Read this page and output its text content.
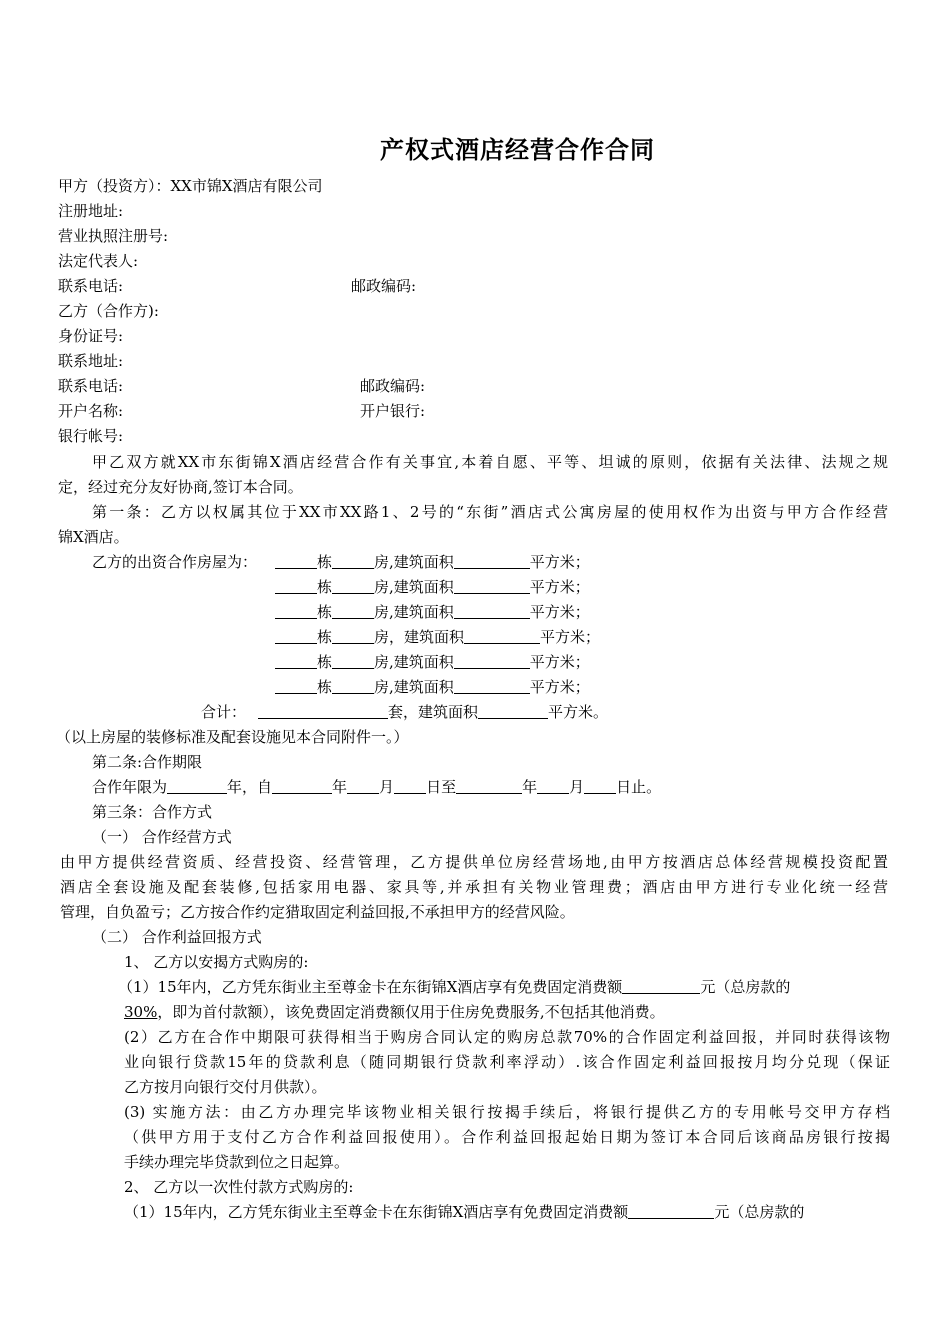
产权式酒店经营合作合同
甲方（投资方）：XX市锦X酒店有限公司
注册地址:
营业执照注册号:
法定代表人:
联系电话:	邮政编码:
乙方（合作方):
身份证号:
联系地址:
联系电话:	邮政编码:
开户名称:	开户银行:
银行帐号:
甲乙双方就XX市东街锦X酒店经营合作有关事宜,本着自愿、平等、坦诚的原则，依据有关法律、法规之规
定，经过充分友好协商,签订本合同。
第一条：乙方以权属其位于XX市XX路1、2号的“东街”酒店式公寓房屋的使用权作为出资与甲方合作经营
锦X酒店。
乙方的出资合作房屋为：	栋	房,建筑面积	平方米；
栋	房,建筑面积	平方米；
栋	房,建筑面积	平方米；
栋	房，建筑面积	平方米；
栋	房,建筑面积	平方米；
栋	房,建筑面积	平方米；
合计：	套，建筑面积	平方米。
（以上房屋的装修标准及配套设施见本合同附件一。）
第二条:合作期限
合作年限为	年，自	年 月 日至	年 月 日止。
第三条：合作方式
（一） 合作经营方式
由甲方提供经营资质、经营投资、经营管理，乙方提供单位房经营场地,由甲方按酒店总体经营规模投资配置
酒店全套设施及配套装修,包括家用电器、家具等,并承担有关物业管理费；酒店由甲方进行专业化统一经营
管理，自负盈亏；乙方按合作约定猎取固定利益回报,不承担甲方的经营风险。
（二） 合作利益回报方式
1、 乙方以安揭方式购房的:
（1）15年内，乙方凭东街业主至尊金卡在东街锦X酒店享有免费固定消费额	元（总房款的
30%，即为首付款额），该免费固定消费额仅用于住房免费服务,不包括其他消费。
(2）乙方在合作中期限可获得相当于购房合同认定的购房总款70%的合作固定利益回报，并同时获得该物
业向银行贷款15年的贷款利息（随同期银行贷款利率浮动）.该合作固定利益回报按月均分兑现（保证
乙方按月向银行交付月供款）。
(3) 实施方法：由乙方办理完毕该物业相关银行按揭手续后，将银行提供乙方的专用帐号交甲方存档
（供甲方用于支付乙方合作利益回报使用）。合作利益回报起始日期为签订本合同后该商品房银行按揭
手续办理完毕贷款到位之日起算。
2、 乙方以一次性付款方式购房的:
（1）15年内，乙方凭东街业主至尊金卡在东街锦X酒店享有免费固定消费额	元（总房款的
